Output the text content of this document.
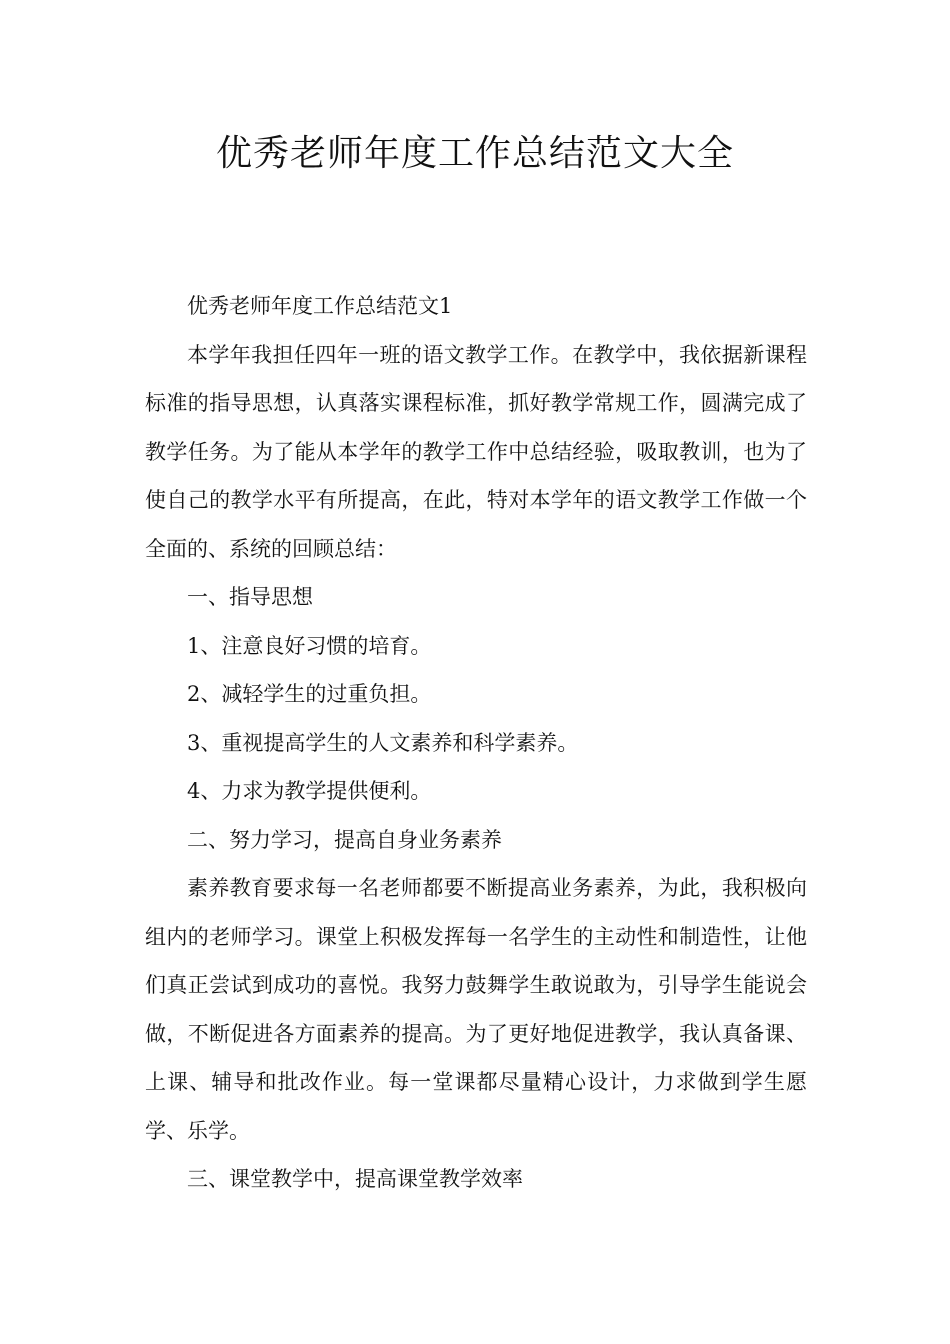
优秀老师年度工作总结范文大全

优秀老师年度工作总结范文1

本学年我担任四年一班的语文教学工作。在教学中，我依据新课程标准的指导思想，认真落实课程标准，抓好教学常规工作，圆满完成了教学任务。为了能从本学年的教学工作中总结经验，吸取教训，也为了使自己的教学水平有所提高，在此，特对本学年的语文教学工作做一个全面的、系统的回顾总结：

一、指导思想

1、注意良好习惯的培育。

2、减轻学生的过重负担。

3、重视提高学生的人文素养和科学素养。

4、力求为教学提供便利。

二、努力学习，提高自身业务素养

素养教育要求每一名老师都要不断提高业务素养，为此，我积极向组内的老师学习。课堂上积极发挥每一名学生的主动性和制造性，让他们真正尝试到成功的喜悦。我努力鼓舞学生敢说敢为，引导学生能说会做，不断促进各方面素养的提高。为了更好地促进教学，我认真备课、上课、辅导和批改作业。每一堂课都尽量精心设计，力求做到学生愿学、乐学。

三、课堂教学中，提高课堂教学效率
